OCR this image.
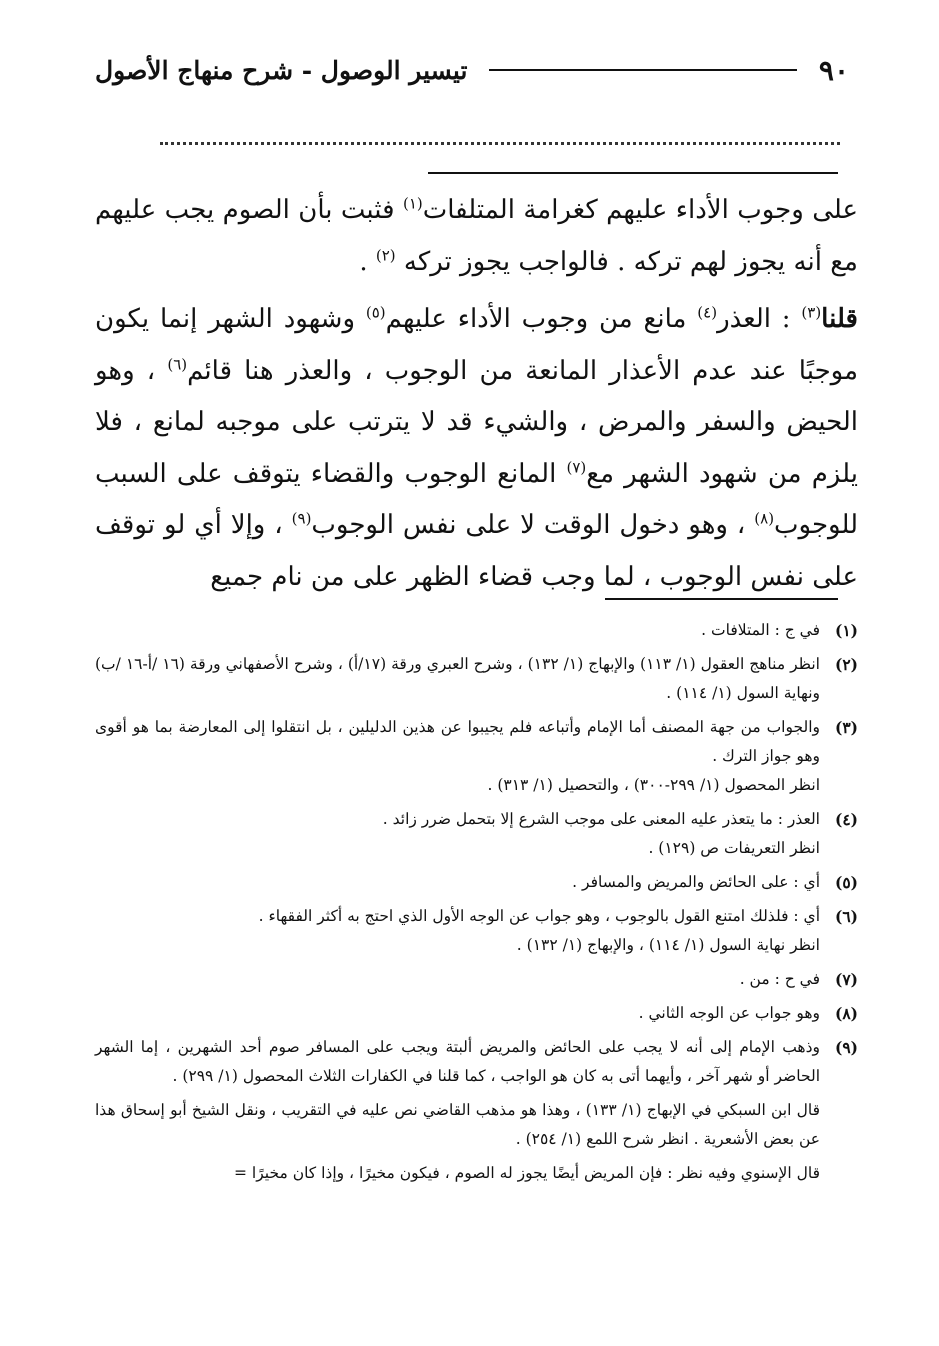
٩٠
تيسير الوصول - شرح منهاج الأصول

على وجوب الأداء عليهم كغرامة المتلفات$^{(١)}$ فثبت بأن الصوم يجب عليهم مع أنه يجوز لهم تركه . فالواجب يجوز تركه $^{(٢)}$ .

قلنا$^{(٣)}$ : العذر$^{(٤)}$ مانع من وجوب الأداء عليهم$^{(٥)}$ وشهود الشهر إنما يكون موجبًا عند عدم الأعذار المانعة من الوجوب ، والعذر هنا قائم$^{(٦)}$ ، وهو الحيض والسفر والمرض ، والشيء قد لا يترتب على موجبه لمانع ، فلا يلزم من شهود الشهر مع$^{(٧)}$ المانع الوجوب والقضاء يتوقف على السبب للوجوب$^{(٨)}$ ، وهو دخول الوقت لا على نفس الوجوب$^{(٩)}$ ، وإلا أي لو توقف على نفس الوجوب ، لما وجب قضاء الظهر على من نام جميع

(١)
في ج : المتلافات .
(٢)
انظر مناهج العقول (١/ ١١٣) والإبهاج (١/ ١٣٢) ، وشرح العبري ورقة (١٧/أ) ، وشرح الأصفهاني ورقة (١٦ /أ-١٦ /ب) ونهاية السول (١/ ١١٤) .
(٣)
والجواب من جهة المصنف أما الإمام وأتباعه فلم يجيبوا عن هذين الدليلين ، بل انتقلوا إلى المعارضة بما هو أقوى وهو جواز الترك .
انظر المحصول (١/ ٢٩٩-٣٠٠) ، والتحصيل (١/ ٣١٣) .
(٤)
العذر : ما يتعذر عليه المعنى على موجب الشرع إلا بتحمل ضرر زائد .
انظر التعريفات ص (١٢٩) .
(٥)
أي : على الحائض والمريض والمسافر .
(٦)
أي : فلذلك امتنع القول بالوجوب ، وهو جواب عن الوجه الأول الذي احتج به أكثر الفقهاء .
انظر نهاية السول (١/ ١١٤) ، والإبهاج (١/ ١٣٢) .
(٧)
في ح : من .
(٨)
وهو جواب عن الوجه الثاني .
(٩)
وذهب الإمام إلى أنه لا يجب على الحائض والمريض ألبتة ويجب على المسافر صوم أحد الشهرين ، إما الشهر الحاضر أو شهر آخر ، وأيهما أتى به كان هو الواجب ، كما قلنا في الكفارات الثلاث المحصول (١/ ٢٩٩) .
قال ابن السبكي في الإبهاج (١/ ١٣٣) ، وهذا هو مذهب القاضي نص عليه في التقريب ، ونقل الشيخ أبو إسحاق هذا عن بعض الأشعرية . انظر شرح اللمع (١/ ٢٥٤) .
قال الإسنوي وفيه نظر : فإن المريض أيضًا يجوز له الصوم ، فيكون مخيرًا ، وإذا كان مخيرًا =
